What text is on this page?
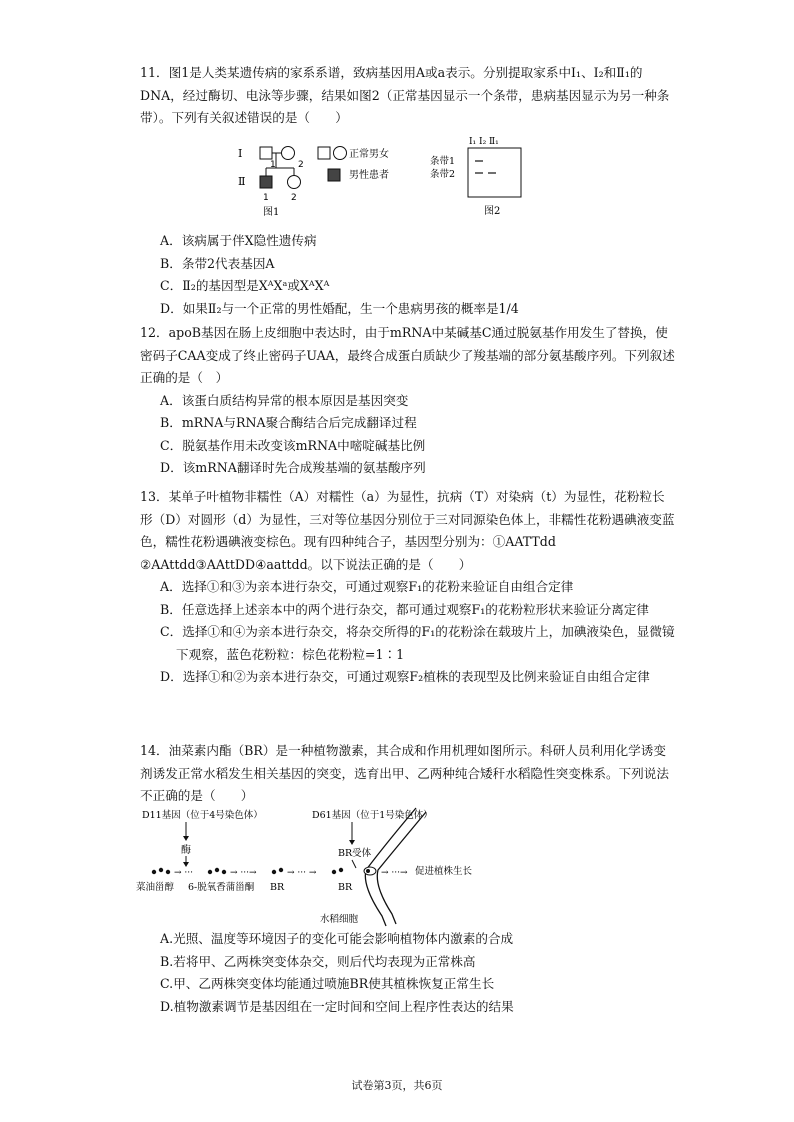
11．图1是人类某遗传病的家系系谱，致病基因用A或a表示。分别提取家系中Ⅰ₁、Ⅰ₂和Ⅱ₁的DNA，经过酶切、电泳等步骤，结果如图2（正常基因显示一个条带，患病基因显示为另一种条带）。下列有关叙述错误的是（　　）

Ⅰ
Ⅱ
1 2
1 2
正常男女
男性患者
图1
Ⅰ₁ Ⅰ₂ Ⅱ₁
条带1
条带2
图2

A．该病属于伴X隐性遗传病

B．条带2代表基因A

C．Ⅱ₂的基因型是XᴬXᵃ或XᴬXᴬ

D．如果Ⅱ₂与一个正常的男性婚配，生一个患病男孩的概率是1/4

12．apoB基因在肠上皮细胞中表达时，由于mRNA中某碱基C通过脱氨基作用发生了替换，使密码子CAA变成了终止密码子UAA，最终合成蛋白质缺少了羧基端的部分氨基酸序列。下列叙述正确的是（　）

A．该蛋白质结构异常的根本原因是基因突变

B．mRNA与RNA聚合酶结合后完成翻译过程

C．脱氨基作用未改变该mRNA中嘧啶碱基比例

D．该mRNA翻译时先合成羧基端的氨基酸序列

13．某单子叶植物非糯性（A）对糯性（a）为显性，抗病（T）对染病（t）为显性，花粉粒长形（D）对圆形（d）为显性，三对等位基因分别位于三对同源染色体上，非糯性花粉遇碘液变蓝色，糯性花粉遇碘液变棕色。现有四种纯合子，基因型分别为：①AATTdd ②AAttdd③AAttDD④aattdd。以下说法正确的是（　　）

A．选择①和③为亲本进行杂交，可通过观察F₁的花粉来验证自由组合定律

B．任意选择上述亲本中的两个进行杂交，都可通过观察F₁的花粉粒形状来验证分离定律

C．选择①和④为亲本进行杂交，将杂交所得的F₁的花粉涂在载玻片上，加碘液染色，显微镜下观察，蓝色花粉粒：棕色花粉粒=1∶1

D．选择①和②为亲本进行杂交，可通过观察F₂植株的表现型及比例来验证自由组合定律

14．油菜素内酯（BR）是一种植物激素，其合成和作用机理如图所示。科研人员利用化学诱变剂诱发正常水稻发生相关基因的突变，选育出甲、乙两种纯合矮秆水稻隐性突变株系。下列说法不正确的是（　　）

D11基因（位于4号染色体）	D61基因（位于1号染色体）
酶	BR受体
→ ···	→ ···→	→ ··· →
菜油甾醇 6-脱氧香蒲甾酮 BR	BR
→ ···→ 促进植株生长
水稻细胞

A.光照、温度等环境因子的变化可能会影响植物体内激素的合成

B.若将甲、乙两株突变体杂交，则后代均表现为正常株高

C.甲、乙两株突变体均能通过喷施BR使其植株恢复正常生长

D.植物激素调节是基因组在一定时间和空间上程序性表达的结果

试卷第3页，共6页
